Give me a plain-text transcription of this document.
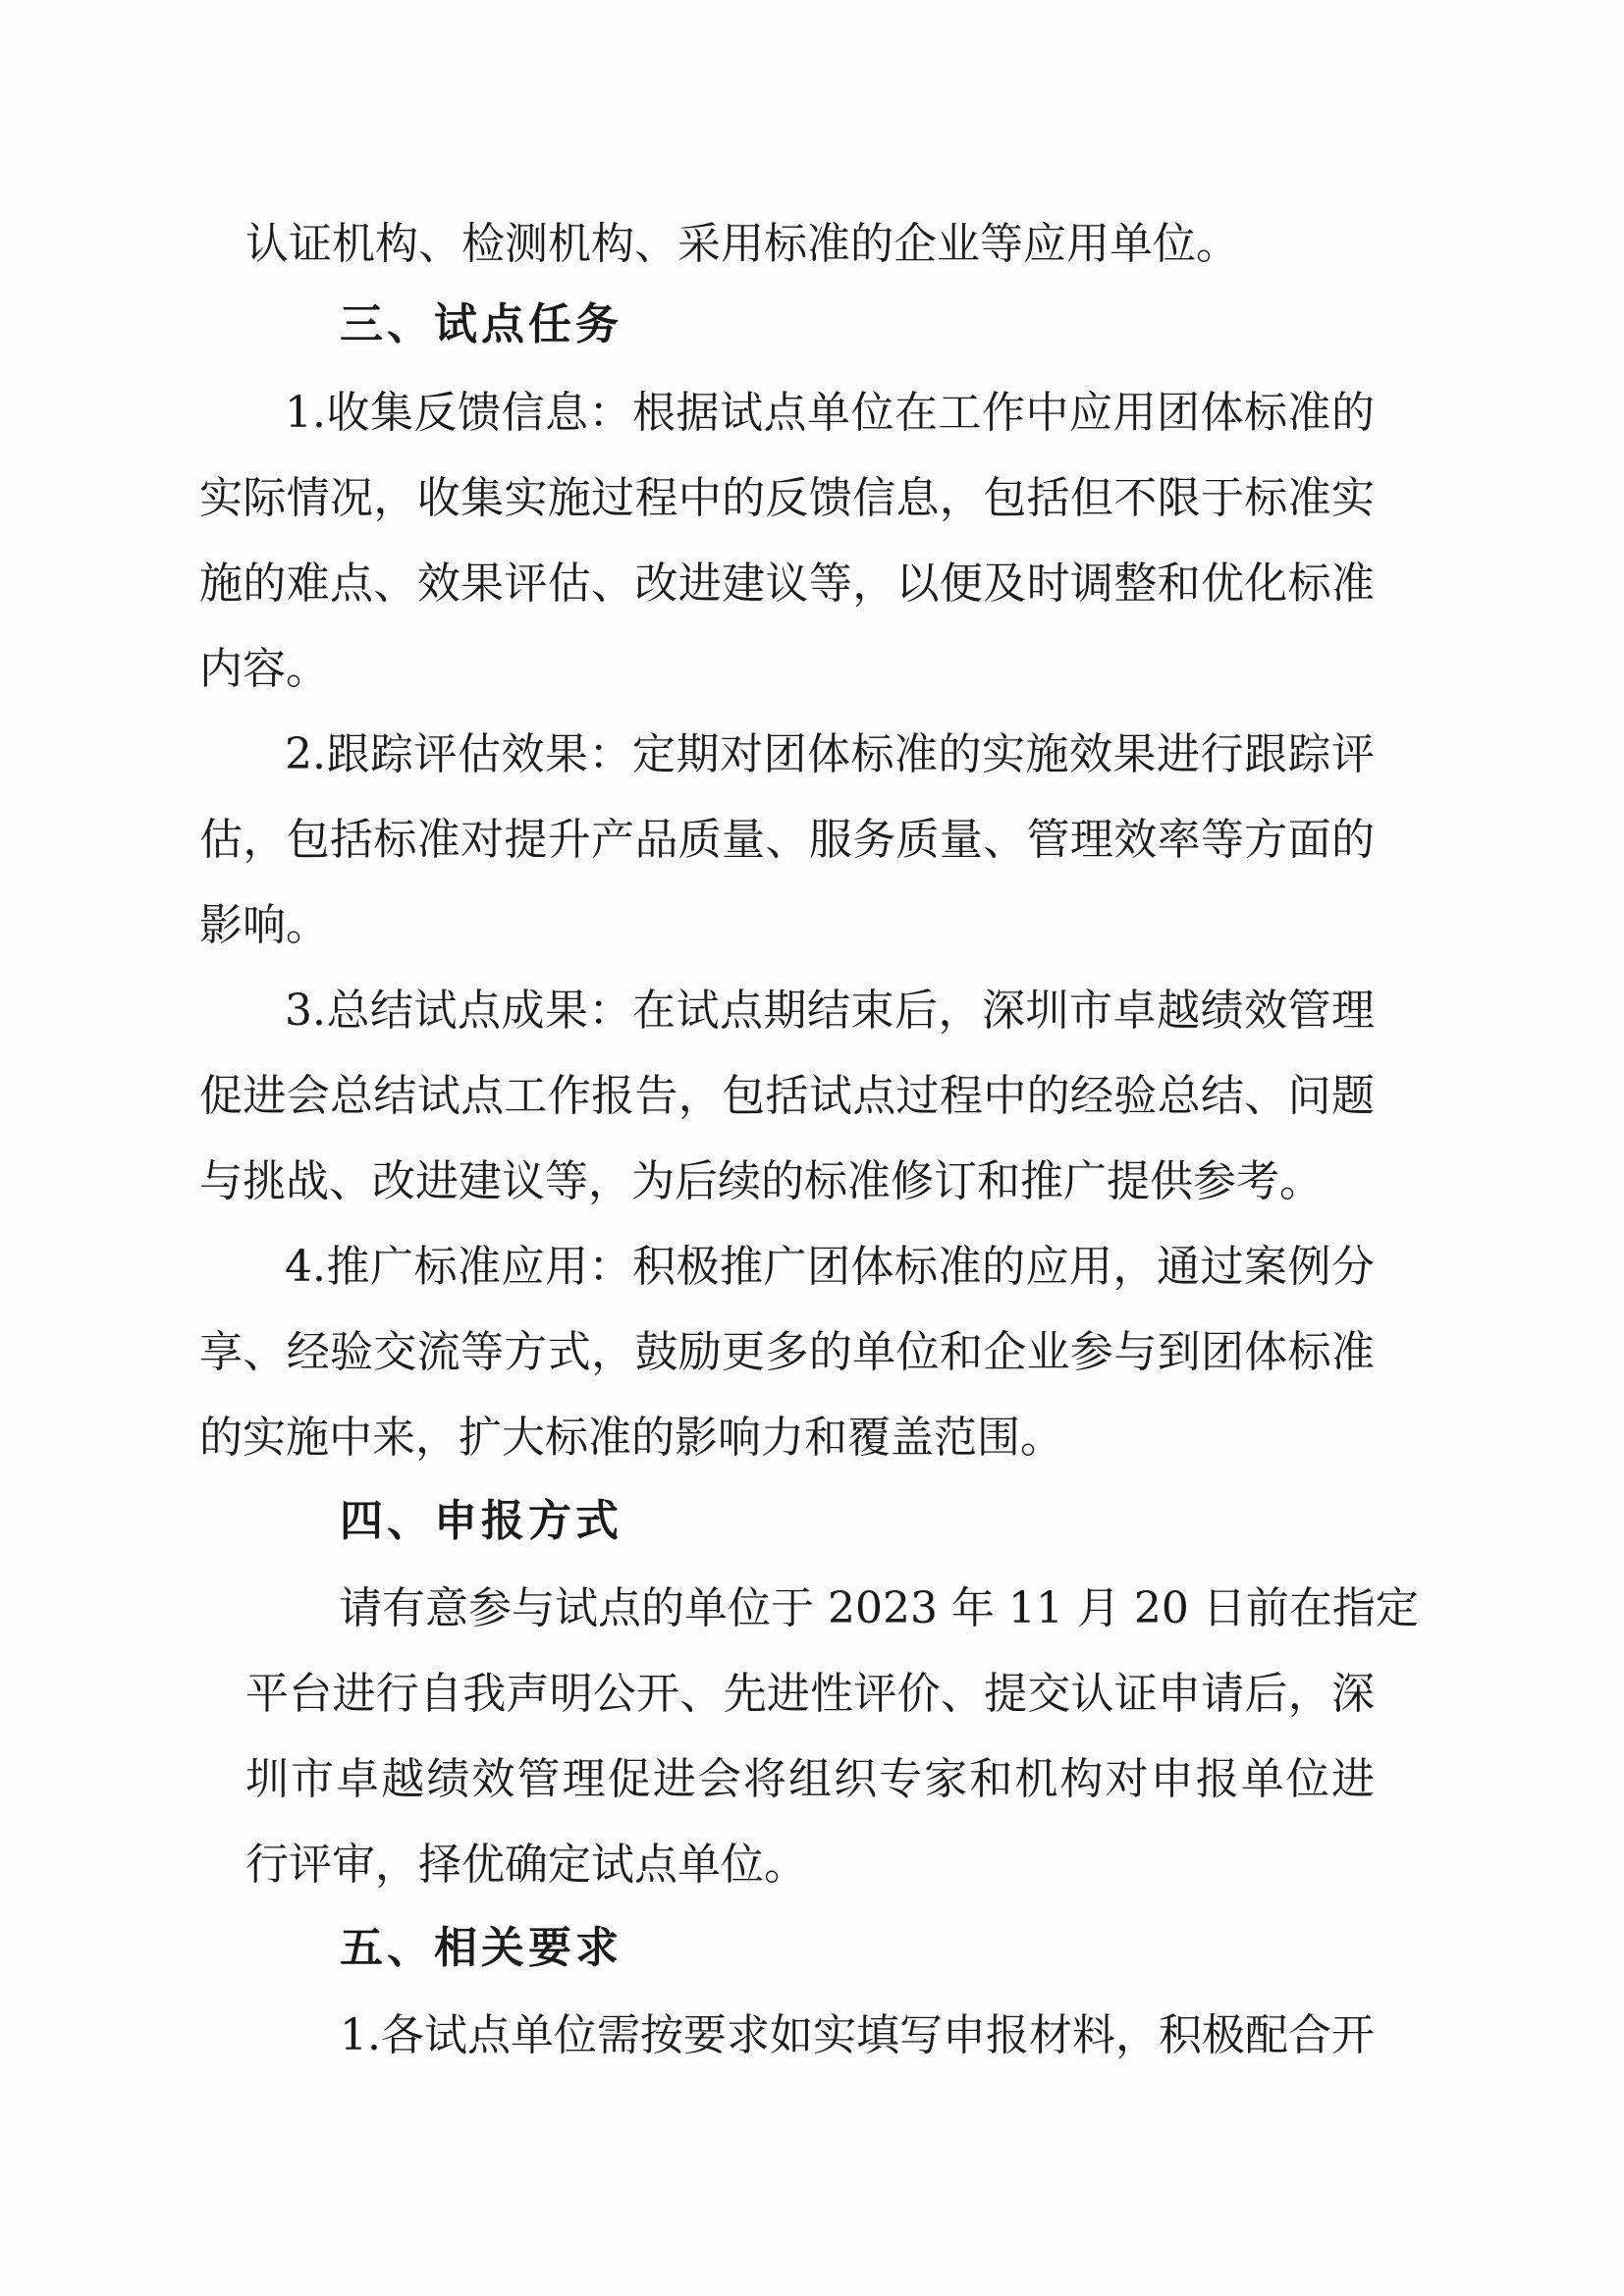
认证机构、检测机构、采用标准的企业等应用单位。
三、试点任务
1.收集反馈信息：根据试点单位在工作中应用团体标准的
实际情况，收集实施过程中的反馈信息，包括但不限于标准实
施的难点、效果评估、改进建议等，以便及时调整和优化标准
内容。
2.跟踪评估效果：定期对团体标准的实施效果进行跟踪评
估，包括标准对提升产品质量、服务质量、管理效率等方面的
影响。
3.总结试点成果：在试点期结束后，深圳市卓越绩效管理
促进会总结试点工作报告，包括试点过程中的经验总结、问题
与挑战、改进建议等，为后续的标准修订和推广提供参考。
4.推广标准应用：积极推广团体标准的应用，通过案例分
享、经验交流等方式，鼓励更多的单位和企业参与到团体标准
的实施中来，扩大标准的影响力和覆盖范围。
四、申报方式
请有意参与试点的单位于 2023 年 11 月 20 日前在指定
平台进行自我声明公开、先进性评价、提交认证申请后，深
圳市卓越绩效管理促进会将组织专家和机构对申报单位进
行评审，择优确定试点单位。
五、相关要求
1.各试点单位需按要求如实填写申报材料，积极配合开
